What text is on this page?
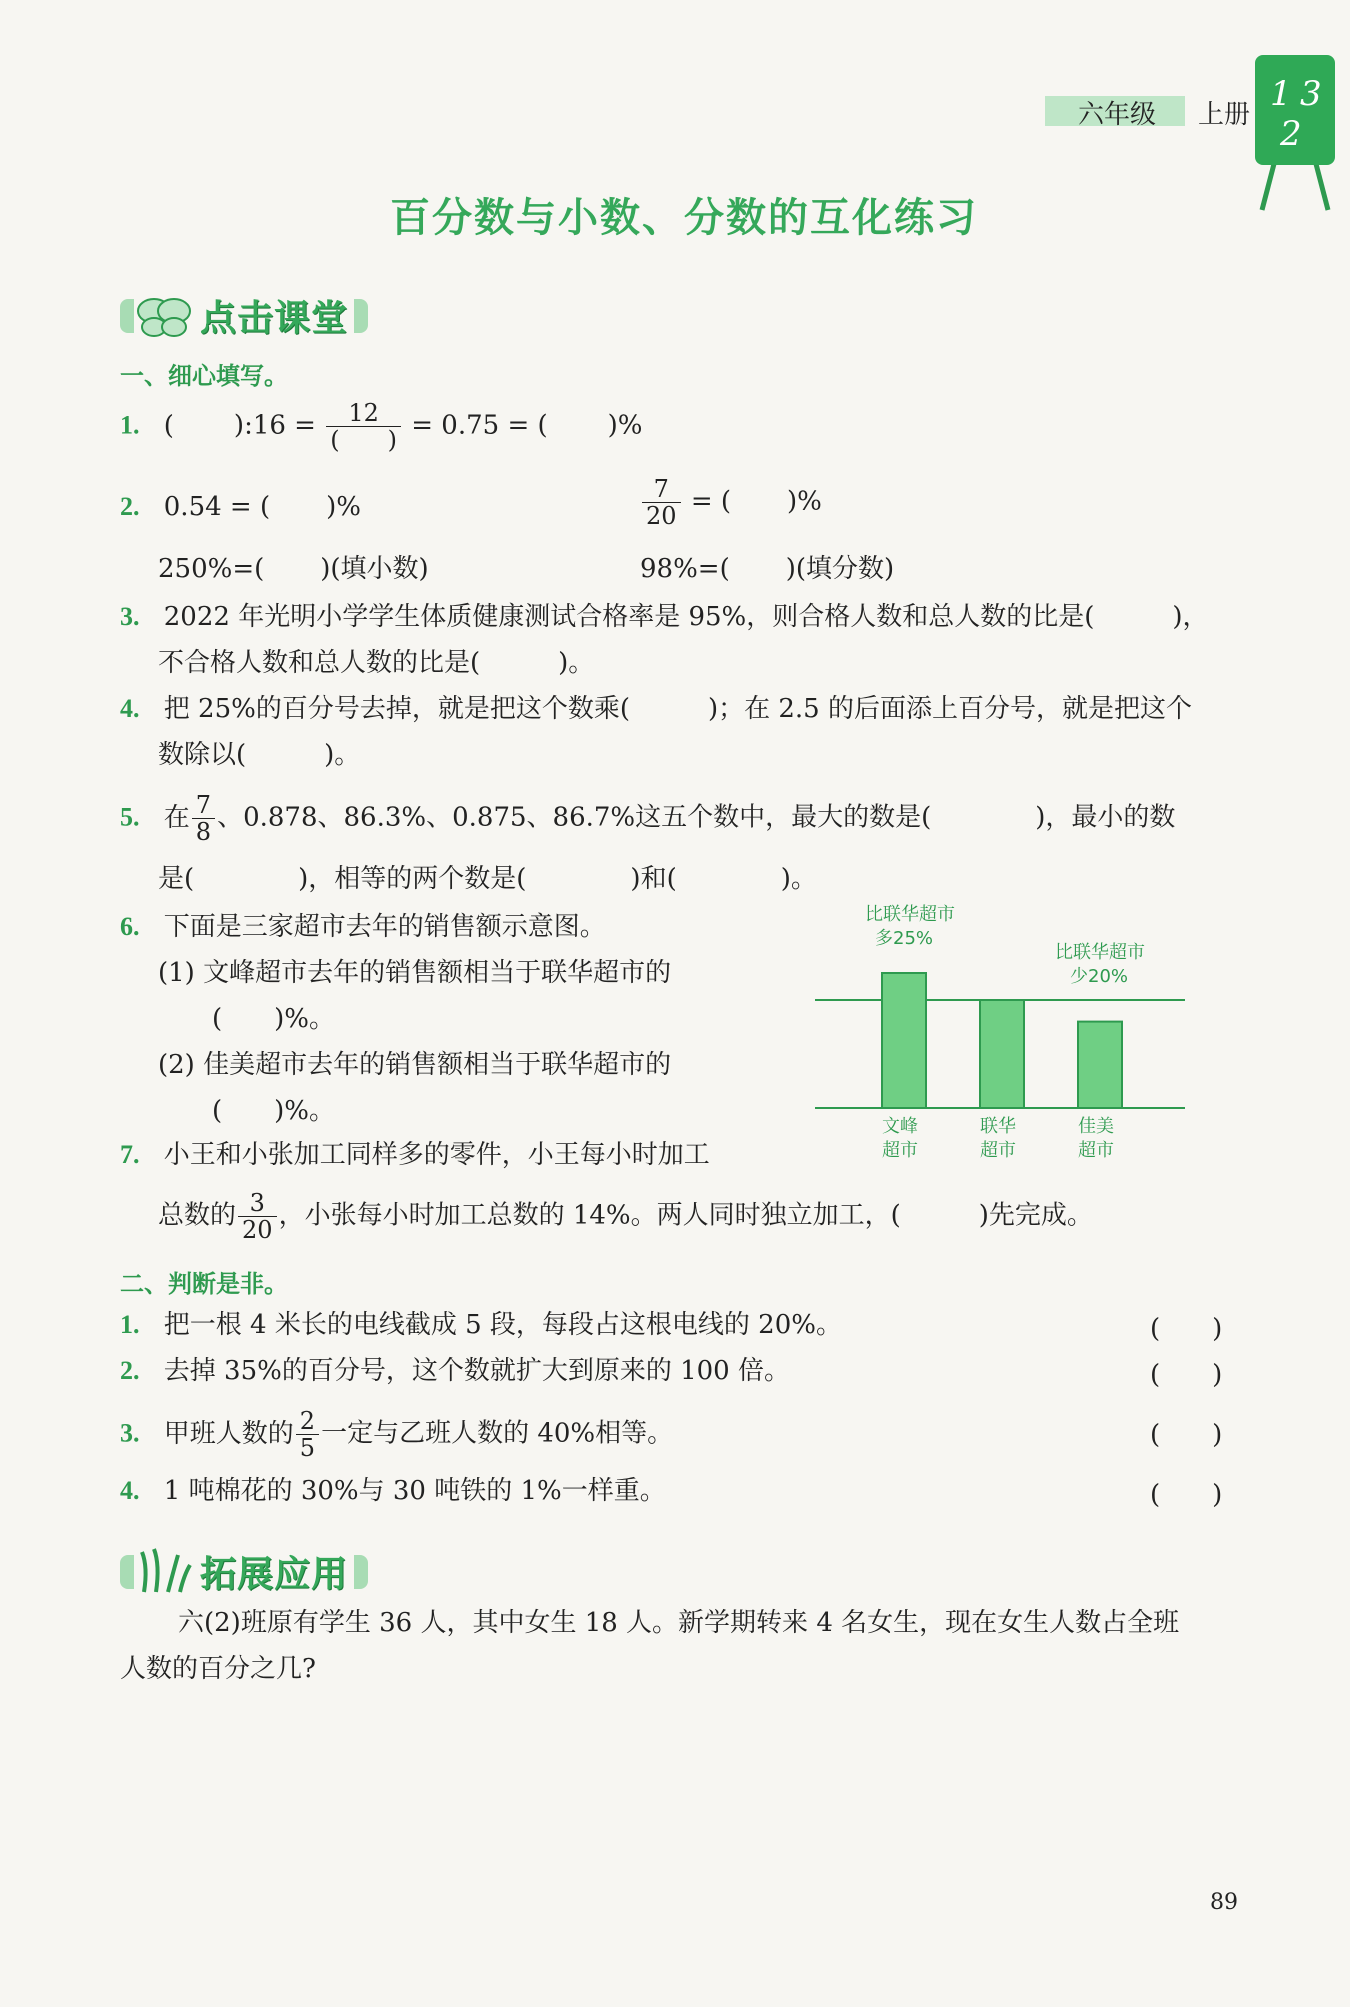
六年级 上册
1 3
2
百分数与小数、分数的互化练习
点击课堂
一、细心填写。
1. ( ):16 = $\frac{12}{( )} = 0.75$ = ( )%
2. 0.54 = ( )%	$\frac{7}{20}$ = ( )%
250%=( )(填小数)	98%=( )(填分数)
3. 2022 年光明小学学生体质健康测试合格率是 95%，则合格人数和总人数的比是(　　　)，
不合格人数和总人数的比是(　　　)。
4. 把 25%的百分号去掉，就是把这个数乘(　　　)；在 2.5 的后面添上百分号，就是把这个
数除以(　　　)。
5. 在 $\frac{7}{8}$ 、0.878、86.3%、0.875、86.7%这五个数中，最大的数是(　　　　)，最小的数
是(　　　　)，相等的两个数是(　　　　)和(　　　　)。
6. 下面是三家超市去年的销售额示意图。
(1) 文峰超市去年的销售额相当于联华超市的
(　　)%。
(2) 佳美超市去年的销售额相当于联华超市的
(　　)%。
比联华超市
多25%
比联华超市
少20%
文峰
超市
联华
超市
佳美
超市
7. 小王和小张加工同样多的零件，小王每小时加工
总数的 $\frac{3}{20}$ ，小张每小时加工总数的 14%。两人同时独立加工，(　　　)先完成。
二、判断是非。
1. 把一根 4 米长的电线截成 5 段，每段占这根电线的 20%。	(　　)
2. 去掉 35%的百分号，这个数就扩大到原来的 100 倍。	(　　)
3. 甲班人数的 $\frac{2}{5}$ 一定与乙班人数的 40%相等。	(　　)
4. 1 吨棉花的 30%与 30 吨铁的 1%一样重。	(　　)
拓展应用
六(2)班原有学生 36 人，其中女生 18 人。新学期转来 4 名女生，现在女生人数占全班
人数的百分之几?
89
